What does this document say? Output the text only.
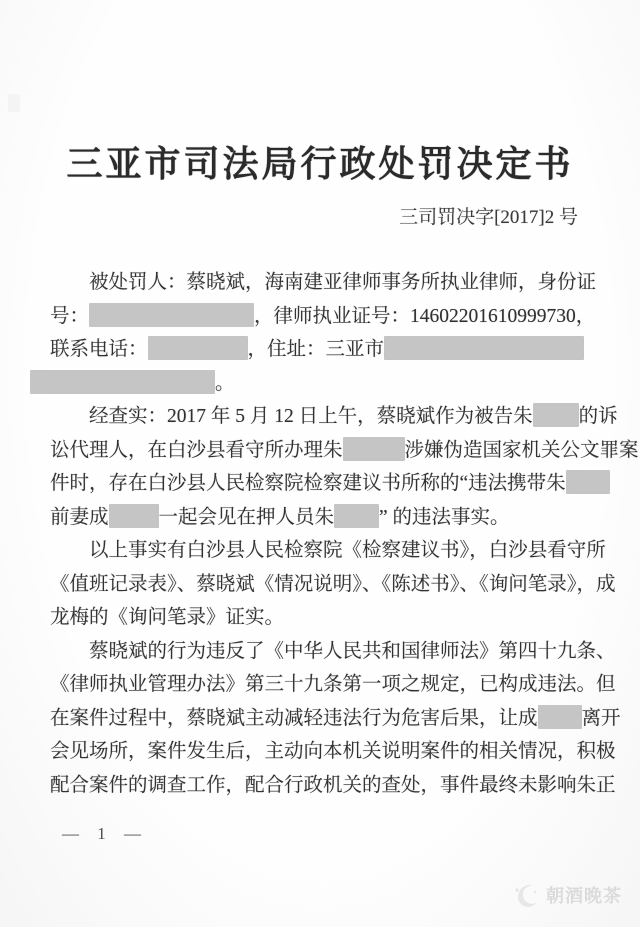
三亚市司法局行政处罚决定书
三司罚决字[2017]2 号
被处罚人：蔡晓斌，海南建亚律师事务所执业律师，身份证
号：	，律师执业证号：14602201610999730，
联系电话：	，住址：三亚市
。
经查实：2017 年 5 月 12 日上午，蔡晓斌作为被告朱 的诉
讼代理人，在白沙县看守所办理朱	涉嫌伪造国家机关公文罪案
件时，存在白沙县人民检察院检察建议书所称的“违法携带朱
前妻成	一起会见在押人员朱 ” 的违法事实。
以上事实有白沙县人民检察院《检察建议书》，白沙县看守所
《值班记录表》、蔡晓斌《情况说明》、《陈述书》、《询问笔录》，成
龙梅的《询问笔录》证实。
蔡晓斌的行为违反了《中华人民共和国律师法》第四十九条、
《律师执业管理办法》第三十九条第一项之规定，已构成违法。但
在案件过程中，蔡晓斌主动减轻违法行为危害后果，让成 离开
会见场所，案件发生后，主动向本机关说明案件的相关情况，积极
配合案件的调查工作，配合行政机关的查处，事件最终未影响朱正
— 1 —
朝酒晚茶
